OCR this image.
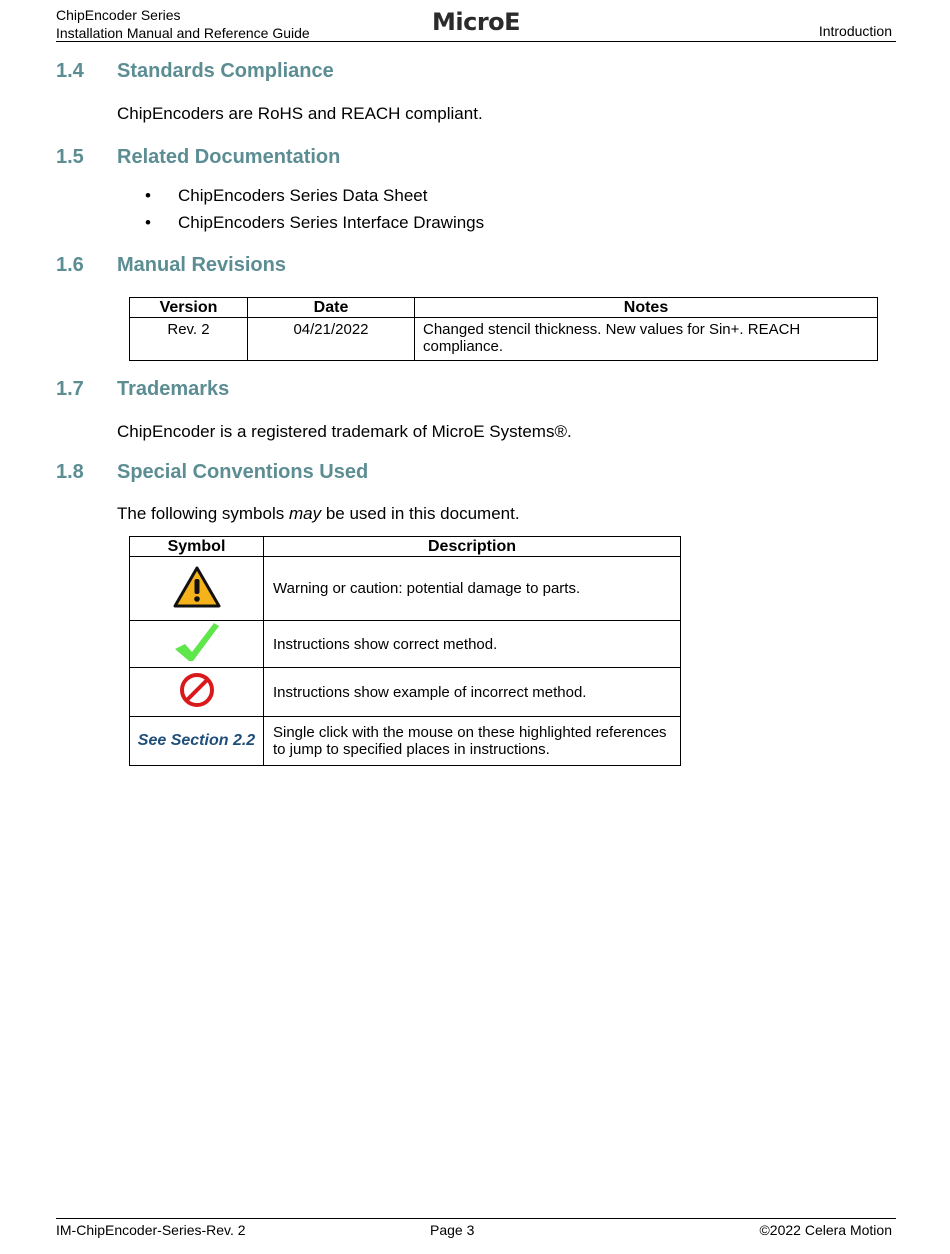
ChipEncoder Series
Installation Manual and Reference Guide	MicroE	Introduction
1.4 Standards Compliance

ChipEncoders are RoHS and REACH compliant.

1.5 Related Documentation
• ChipEncoders Series Data Sheet
• ChipEncoders Series Interface Drawings
1.6 Manual Revisions
Version	Date	Notes
Rev. 2	04/21/2022	Changed stencil thickness. New values for Sin+. REACH compliance.
1.7 Trademarks

ChipEncoder is a registered trademark of MicroE Systems®.

1.8 Special Conventions Used

The following symbols may be used in this document.

Symbol	Description
	Warning or caution: potential damage to parts.
	Instructions show correct method.
	Instructions show example of incorrect method.
See Section 2.2	Single click with the mouse on these highlighted references to jump to specified places in instructions.
IM-ChipEncoder-Series-Rev. 2	Page 3	©2022 Celera Motion
